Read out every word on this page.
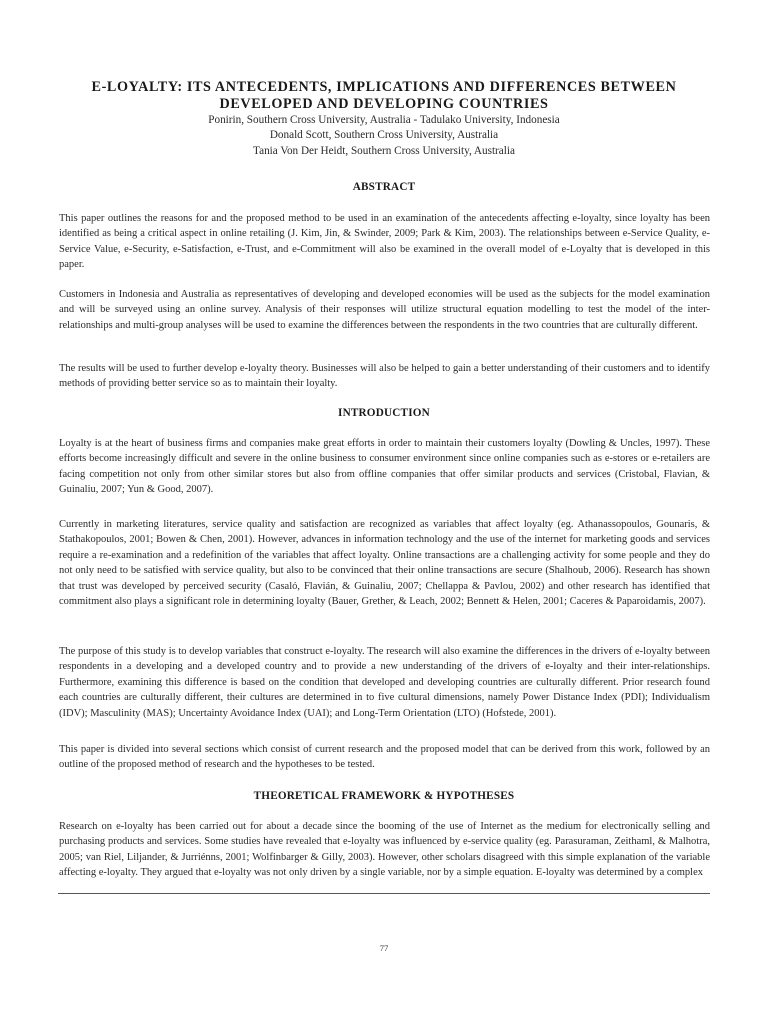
E-LOYALTY: ITS ANTECEDENTS, IMPLICATIONS AND DIFFERENCES BETWEEN
DEVELOPED AND DEVELOPING COUNTRIES
Ponirin, Southern Cross University, Australia - Tadulako University, Indonesia
Donald Scott, Southern Cross University, Australia
Tania Von Der Heidt, Southern Cross University, Australia
ABSTRACT

This paper outlines the reasons for and the proposed method to be used in an examination of the antecedents affecting e-loyalty, since loyalty has been identified as being a critical aspect in online retailing (J. Kim, Jin, & Swinder, 2009; Park & Kim, 2003). The relationships between e-Service Quality, e-Service Value, e-Security, e-Satisfaction, e-Trust, and e-Commitment will also be examined in the overall model of e-Loyalty that is developed in this paper.

Customers in Indonesia and Australia as representatives of developing and developed economies will be used as the subjects for the model examination and will be surveyed using an online survey. Analysis of their responses will utilize structural equation modelling to test the model of the inter-relationships and multi-group analyses will be used to examine the differences between the respondents in the two countries that are culturally different.

The results will be used to further develop e-loyalty theory. Businesses will also be helped to gain a better understanding of their customers and to identify methods of providing better service so as to maintain their loyalty.

INTRODUCTION

Loyalty is at the heart of business firms and companies make great efforts in order to maintain their customers loyalty (Dowling & Uncles, 1997). These efforts become increasingly difficult and severe in the online business to consumer environment since online companies such as e-stores or e-retailers are facing competition not only from other similar stores but also from offline companies that offer similar products and services (Cristobal, Flavian, & Guinaliu, 2007; Yun & Good, 2007).

Currently in marketing literatures, service quality and satisfaction are recognized as variables that affect loyalty (eg. Athanassopoulos, Gounaris, & Stathakopoulos, 2001; Bowen & Chen, 2001). However, advances in information technology and the use of the internet for marketing goods and services require a re-examination and a redefinition of the variables that affect loyalty. Online transactions are a challenging activity for some people and they do not only need to be satisfied with service quality, but also to be convinced that their online transactions are secure (Shalhoub, 2006). Research has shown that trust was developed by perceived security (Casaló, Flavián, & Guinaliu, 2007; Chellappa & Pavlou, 2002) and other research has identified that commitment also plays a significant role in determining loyalty (Bauer, Grether, & Leach, 2002; Bennett & Helen, 2001; Caceres & Paparoidamis, 2007).

The purpose of this study is to develop variables that construct e-loyalty. The research will also examine the differences in the drivers of e-loyalty between respondents in a developing and a developed country and to provide a new understanding of the drivers of e-loyalty and their inter-relationships. Furthermore, examining this difference is based on the condition that developed and developing countries are culturally different. Prior research found each countries are culturally different, their cultures are determined in to five cultural dimensions, namely Power Distance Index (PDI); Individualism (IDV); Masculinity (MAS); Uncertainty Avoidance Index (UAI); and Long-Term Orientation (LTO) (Hofstede, 2001).

This paper is divided into several sections which consist of current research and the proposed model that can be derived from this work, followed by an outline of the proposed method of research and the hypotheses to be tested.

THEORETICAL FRAMEWORK & HYPOTHESES

Research on e-loyalty has been carried out for about a decade since the booming of the use of Internet as the medium for electronically selling and purchasing products and services. Some studies have revealed that e-loyalty was influenced by e-service quality (eg. Parasuraman, Zeithaml, & Malhotra, 2005; van Riel, Liljander, & Jurriénns, 2001; Wolfinbarger & Gilly, 2003). However, other scholars disagreed with this simple explanation of the variable affecting e-loyalty. They argued that e-loyalty was not only driven by a single variable, nor by a simple equation. E-loyalty was determined by a complex

77
